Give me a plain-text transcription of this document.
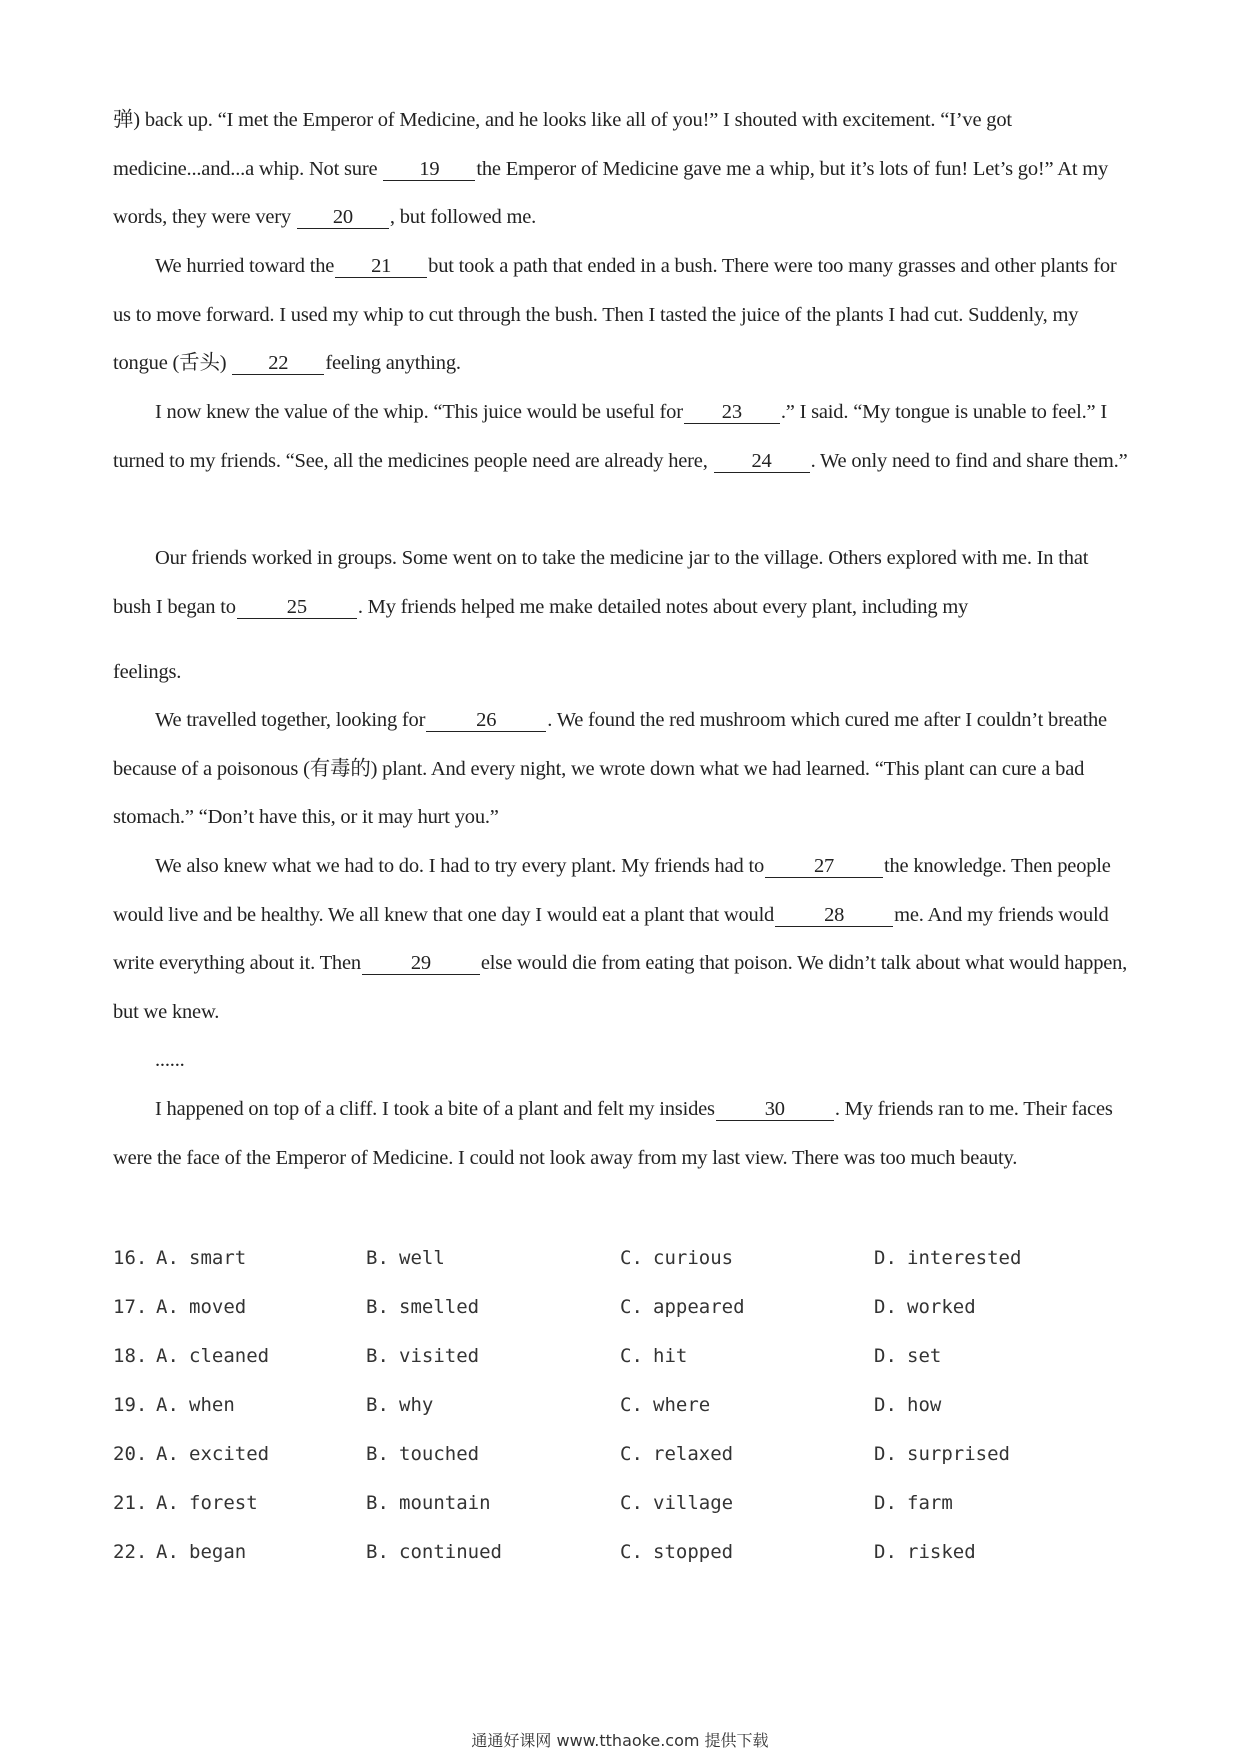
弹) back up. “I met the Emperor of Medicine, and he looks like all of you!” I shouted with excitement. “I’ve got medicine...and...a whip. Not sure 19 the Emperor of Medicine gave me a whip, but it’s lots of fun! Let’s go!” At my words, they were very 20 , but followed me.
We hurried toward the 21 but took a path that ended in a bush. There were too many grasses and other plants for us to move forward. I used my whip to cut through the bush. Then I tasted the juice of the plants I had cut. Suddenly, my tongue (舌头) 22 feeling anything.
I now knew the value of the whip. “This juice would be useful for 23 .” I said. “My tongue is unable to feel.” I turned to my friends. “See, all the medicines people need are already here, 24 . We only need to find and share them.”
Our friends worked in groups. Some went on to take the medicine jar to the village. Others explored with me. In that bush I began to 25 . My friends helped me make detailed notes about every plant, including my
feelings.
We travelled together, looking for 26 . We found the red mushroom which cured me after I couldn’t breathe because of a poisonous (有毒的) plant. And every night, we wrote down what we had learned. “This plant can cure a bad stomach.” “Don’t have this, or it may hurt you.”
We also knew what we had to do. I had to try every plant. My friends had to 27 the knowledge. Then people would live and be healthy. We all knew that one day I would eat a plant that would 28 me. And my friends would write everything about it. Then 29 else would die from eating that poison. We didn’t talk about what would happen, but we knew.
......
I happened on top of a cliff. I took a bite of a plant and felt my insides 30 . My friends ran to me. Their faces were the face of the Emperor of Medicine. I could not look away from my last view. There was too much beauty.
16. A. smart	B. well	C. curious	D. interested
17. A. moved	B. smelled	C. appeared	D. worked
18. A. cleaned	B. visited	C. hit	D. set
19. A. when	B. why	C. where	D. how
20. A. excited	B. touched	C. relaxed	D. surprised
21. A. forest	B. mountain	C. village	D. farm
22. A. began	B. continued	C. stopped	D. risked
通通好课网 www.tthaoke.com 提供下载
